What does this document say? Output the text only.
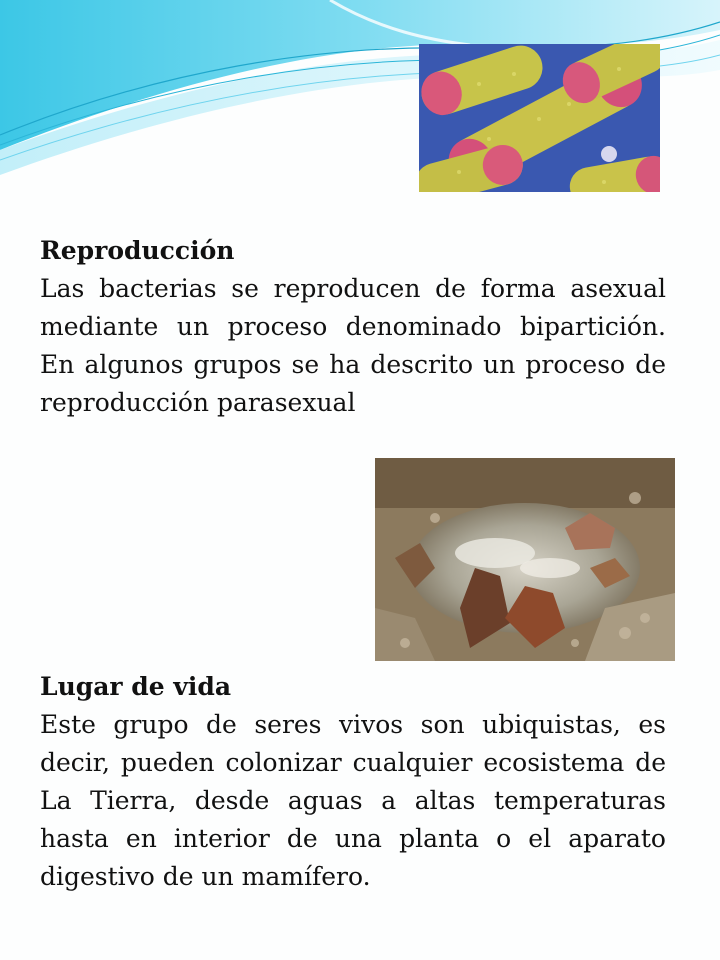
Reproducción

Las bacterias se reproducen de forma asexual mediante un proceso denominado bipartición. En algunos grupos se ha descrito un proceso de reproducción parasexual

Lugar de vida

Este grupo de seres vivos son ubiquistas, es decir, pueden colonizar cualquier ecosistema de La Tierra, desde aguas a altas temperaturas hasta en interior de una planta o el aparato digestivo de un mamífero.
